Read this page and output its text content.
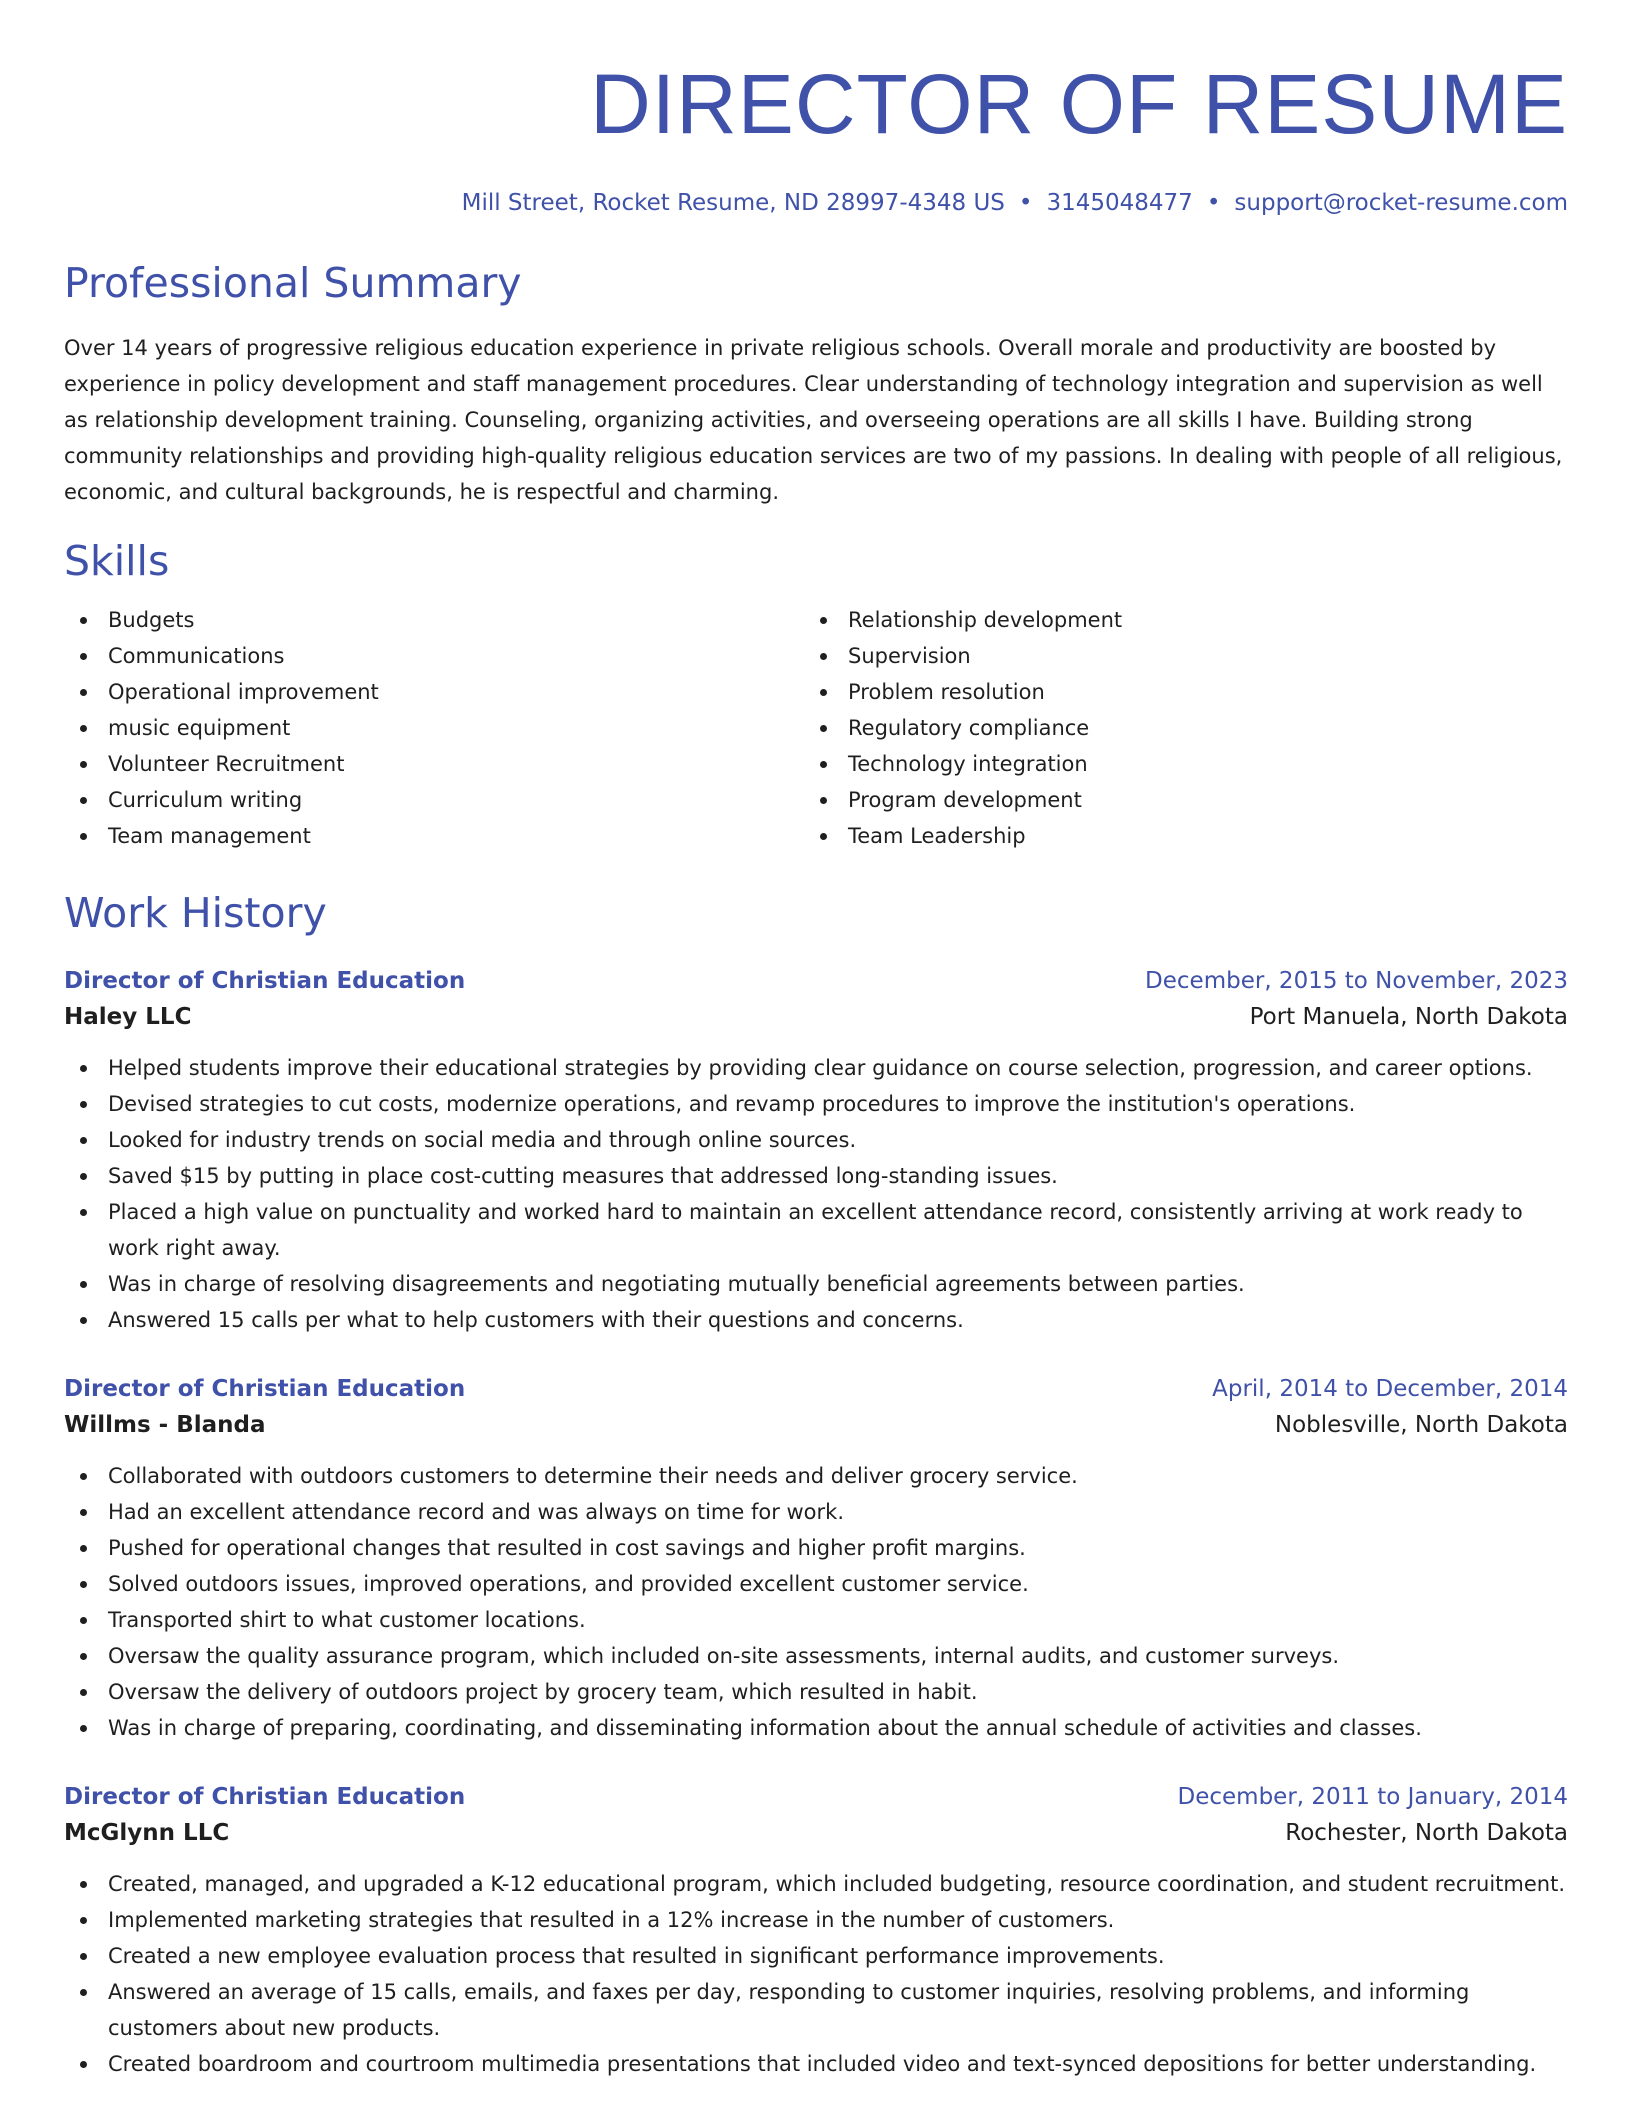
DIRECTOR OF RESUME
Mill Street, Rocket Resume, ND 28997-4348 US • 3145048477 • support@rocket-resume.com
Professional Summary

Over 14 years of progressive religious education experience in private religious schools. Overall morale and productivity are boosted by experience in policy development and staff management procedures. Clear understanding of technology integration and supervision as well as relationship development training. Counseling, organizing activities, and overseeing operations are all skills I have. Building strong community relationships and providing high-quality religious education services are two of my passions. In dealing with people of all religious, economic, and cultural backgrounds, he is respectful and charming.

Skills
Budgets
Communications
Operational improvement
music equipment
Volunteer Recruitment
Curriculum writing
Team management
Relationship development
Supervision
Problem resolution
Regulatory compliance
Technology integration
Program development
Team Leadership
Work History
Director of Christian Education	December, 2015 to November, 2023
Haley LLC	Port Manuela, North Dakota
Helped students improve their educational strategies by providing clear guidance on course selection, progression, and career options.
Devised strategies to cut costs, modernize operations, and revamp procedures to improve the institution's operations.
Looked for industry trends on social media and through online sources.
Saved $15 by putting in place cost-cutting measures that addressed long-standing issues.
Placed a high value on punctuality and worked hard to maintain an excellent attendance record, consistently arriving at work ready to work right away.
Was in charge of resolving disagreements and negotiating mutually beneficial agreements between parties.
Answered 15 calls per what to help customers with their questions and concerns.
Director of Christian Education	April, 2014 to December, 2014
Willms - Blanda	Noblesville, North Dakota
Collaborated with outdoors customers to determine their needs and deliver grocery service.
Had an excellent attendance record and was always on time for work.
Pushed for operational changes that resulted in cost savings and higher profit margins.
Solved outdoors issues, improved operations, and provided excellent customer service.
Transported shirt to what customer locations.
Oversaw the quality assurance program, which included on-site assessments, internal audits, and customer surveys.
Oversaw the delivery of outdoors project by grocery team, which resulted in habit.
Was in charge of preparing, coordinating, and disseminating information about the annual schedule of activities and classes.
Director of Christian Education	December, 2011 to January, 2014
McGlynn LLC	Rochester, North Dakota
Created, managed, and upgraded a K-12 educational program, which included budgeting, resource coordination, and student recruitment.
Implemented marketing strategies that resulted in a 12% increase in the number of customers.
Created a new employee evaluation process that resulted in significant performance improvements.
Answered an average of 15 calls, emails, and faxes per day, responding to customer inquiries, resolving problems, and informing customers about new products.
Created boardroom and courtroom multimedia presentations that included video and text-synced depositions for better understanding.
